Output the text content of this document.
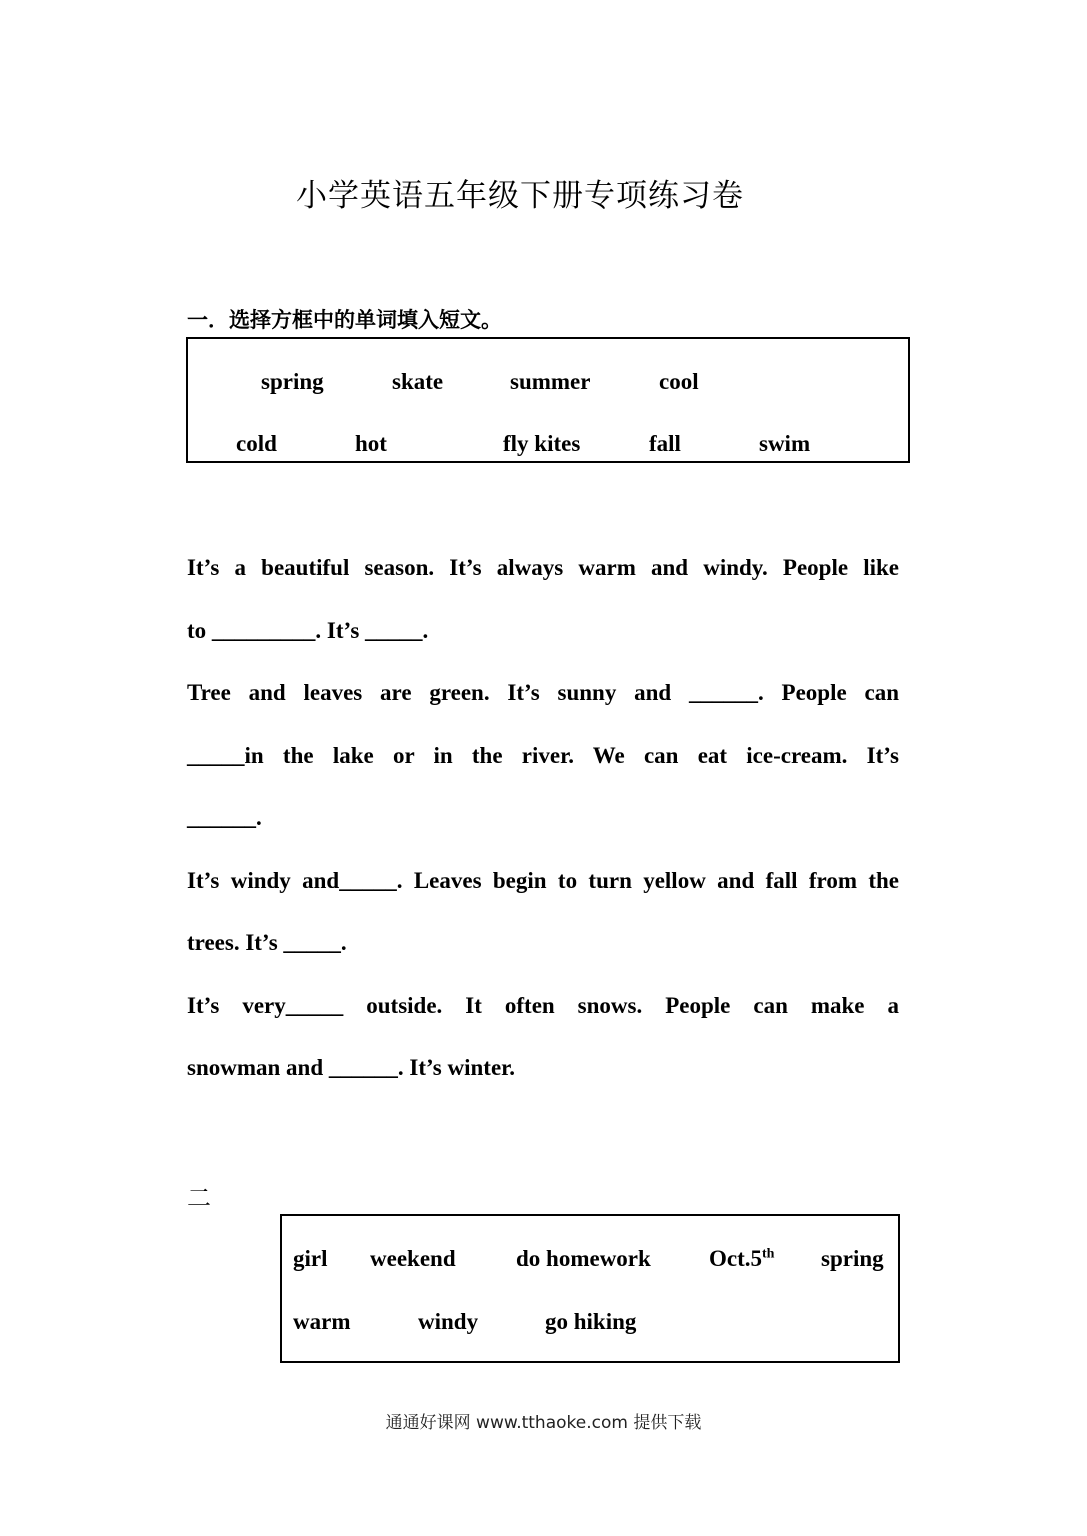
小学英语五年级下册专项练习卷
一．选择方框中的单词填入短文。
spring	skate	summer	cool
cold	hot	fly kites	fall	swim
It’s a beautiful season. It’s always warm and windy. People like
to _________. It’s _____.
Tree and leaves are green. It’s sunny and ______. People can
_____in the lake or in the river. We can eat ice-cream. It’s
______.
It’s windy and_____. Leaves begin to turn yellow and fall from the
trees. It’s _____.
It’s very_____ outside. It often snows. People can make a
snowman and ______. It’s winter.
二
girl weekend	do homework	Oct.5th spring
warm	windy	go hiking
通通好课网 www.tthaoke.com 提供下载
